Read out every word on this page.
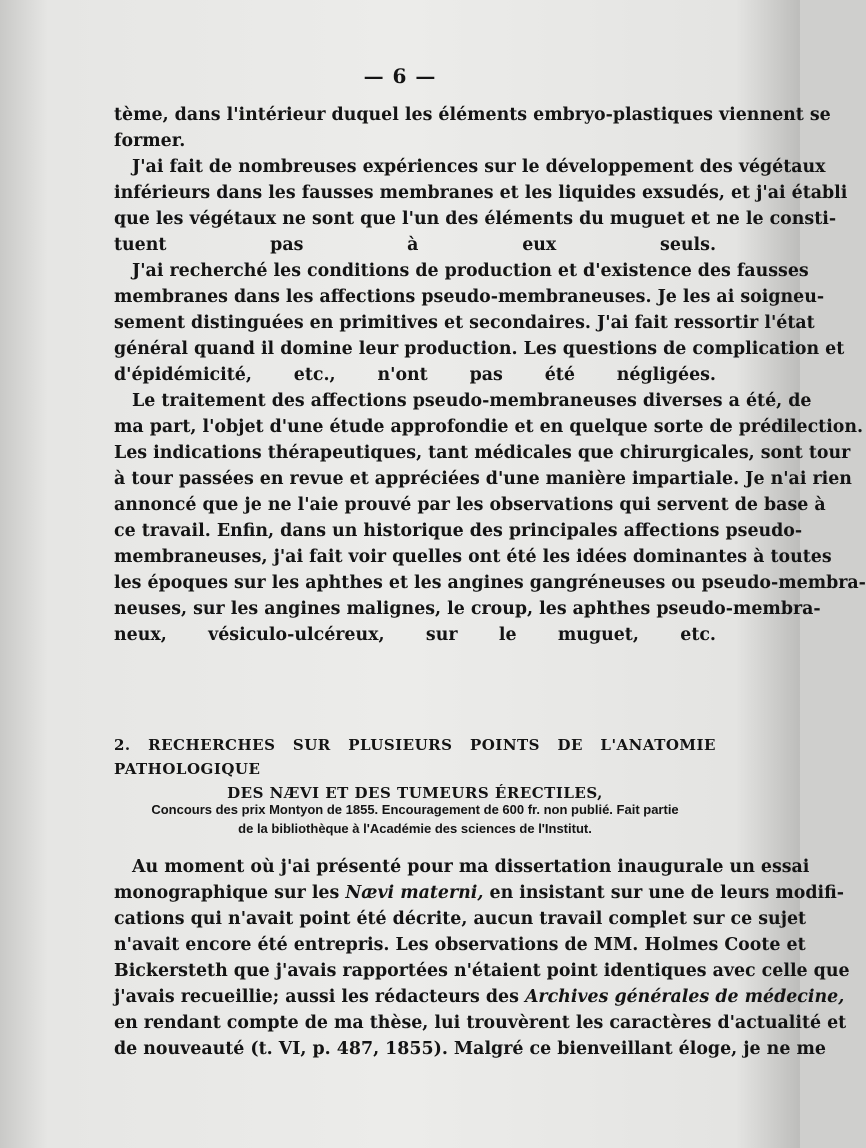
— 6 —

tème, dans l'intérieur duquel les éléments embryo-plastiques viennent se
former.

J'ai fait de nombreuses expériences sur le développement des végétaux
inférieurs dans les fausses membranes et les liquides exsudés, et j'ai établi
que les végétaux ne sont que l'un des éléments du muguet et ne le consti-
tuent pas à eux seuls.

J'ai recherché les conditions de production et d'existence des fausses
membranes dans les affections pseudo-membraneuses. Je les ai soigneu-
sement distinguées en primitives et secondaires. J'ai fait ressortir l'état
général quand il domine leur production. Les questions de complication et
d'épidémicité, etc., n'ont pas été négligées.

Le traitement des affections pseudo-membraneuses diverses a été, de
ma part, l'objet d'une étude approfondie et en quelque sorte de prédilection.
Les indications thérapeutiques, tant médicales que chirurgicales, sont tour
à tour passées en revue et appréciées d'une manière impartiale. Je n'ai rien
annoncé que je ne l'aie prouvé par les observations qui servent de base à
ce travail. Enfin, dans un historique des principales affections pseudo-
membraneuses, j'ai fait voir quelles ont été les idées dominantes à toutes
les époques sur les aphthes et les angines gangréneuses ou pseudo-membra-
neuses, sur les angines malignes, le croup, les aphthes pseudo-membra-
neux, vésiculo-ulcéreux, sur le muguet, etc.

2. RECHERCHES SUR PLUSIEURS POINTS DE L'ANATOMIE PATHOLOGIQUE
DES NÆVI ET DES TUMEURS ÉRECTILES,
Concours des prix Montyon de 1855. Encouragement de 600 fr. non publié. Fait partie
de la bibliothèque à l'Académie des sciences de l'Institut.

Au moment où j'ai présenté pour ma dissertation inaugurale un essai
monographique sur les Nævi materni, en insistant sur une de leurs modifi-
cations qui n'avait point été décrite, aucun travail complet sur ce sujet
n'avait encore été entrepris. Les observations de MM. Holmes Coote et
Bickersteth que j'avais rapportées n'étaient point identiques avec celle que
j'avais recueillie; aussi les rédacteurs des Archives générales de médecine,
en rendant compte de ma thèse, lui trouvèrent les caractères d'actualité et
de nouveauté (t. VI, p. 487, 1855). Malgré ce bienveillant éloge, je ne me
